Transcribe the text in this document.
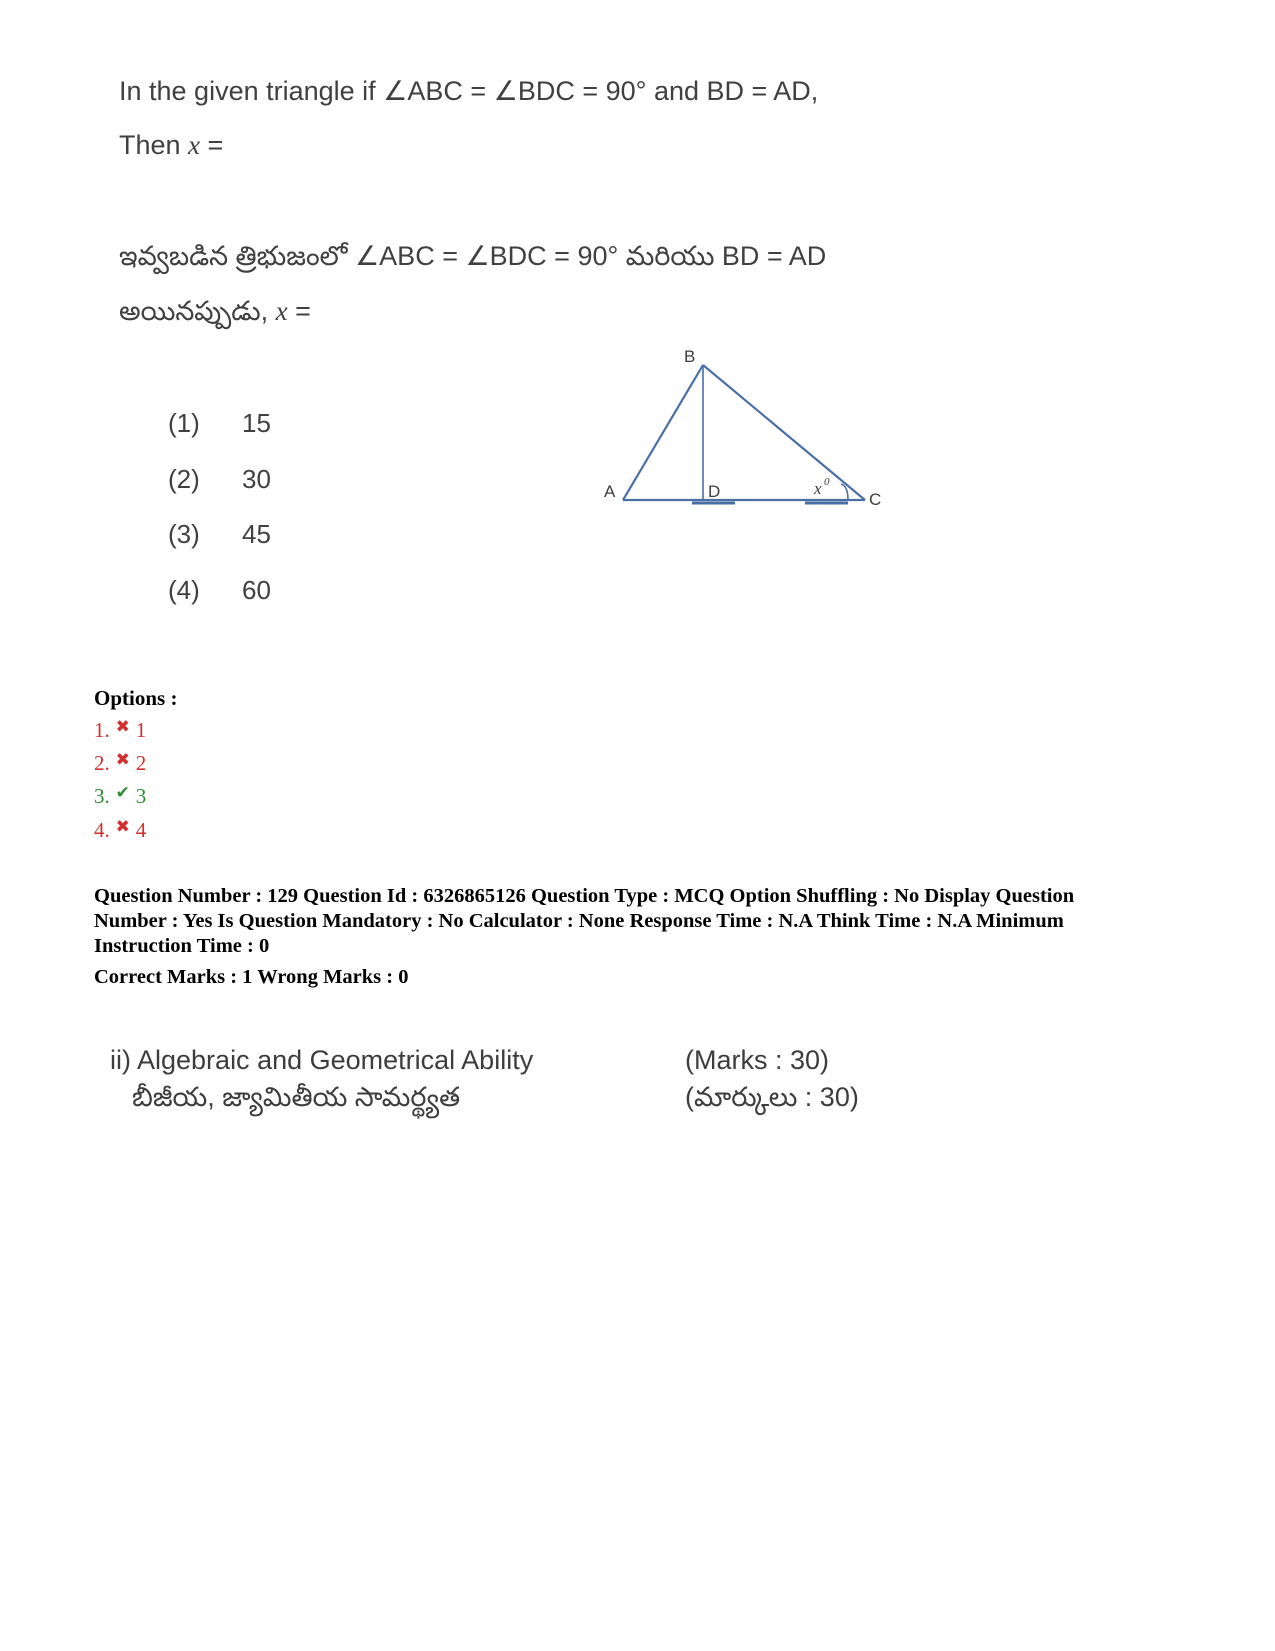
In the given triangle if ∠ABC = ∠BDC = 90° and BD = AD,
Then x =
ఇవ్వబడిన త్రిభుజంలో ∠ABC = ∠BDC = 90° మరియు BD = AD
అయినప్పుడు, x =
(1) 15
(2) 30
(3) 45
(4) 60
B
A	D	C
x 0
Options :
1. ✖ 1
2. ✖ 2
3. ✔ 3
4. ✖ 4
Question Number : 129 Question Id : 6326865126 Question Type : MCQ Option Shuffling : No Display Question
Number : Yes Is Question Mandatory : No Calculator : None Response Time : N.A Think Time : N.A Minimum
Instruction Time : 0
Correct Marks : 1 Wrong Marks : 0
ii) Algebraic and Geometrical Ability
బీజీయ, జ్యామితీయ సామర్థ్యత
(Marks : 30)
(మార్కులు : 30)
